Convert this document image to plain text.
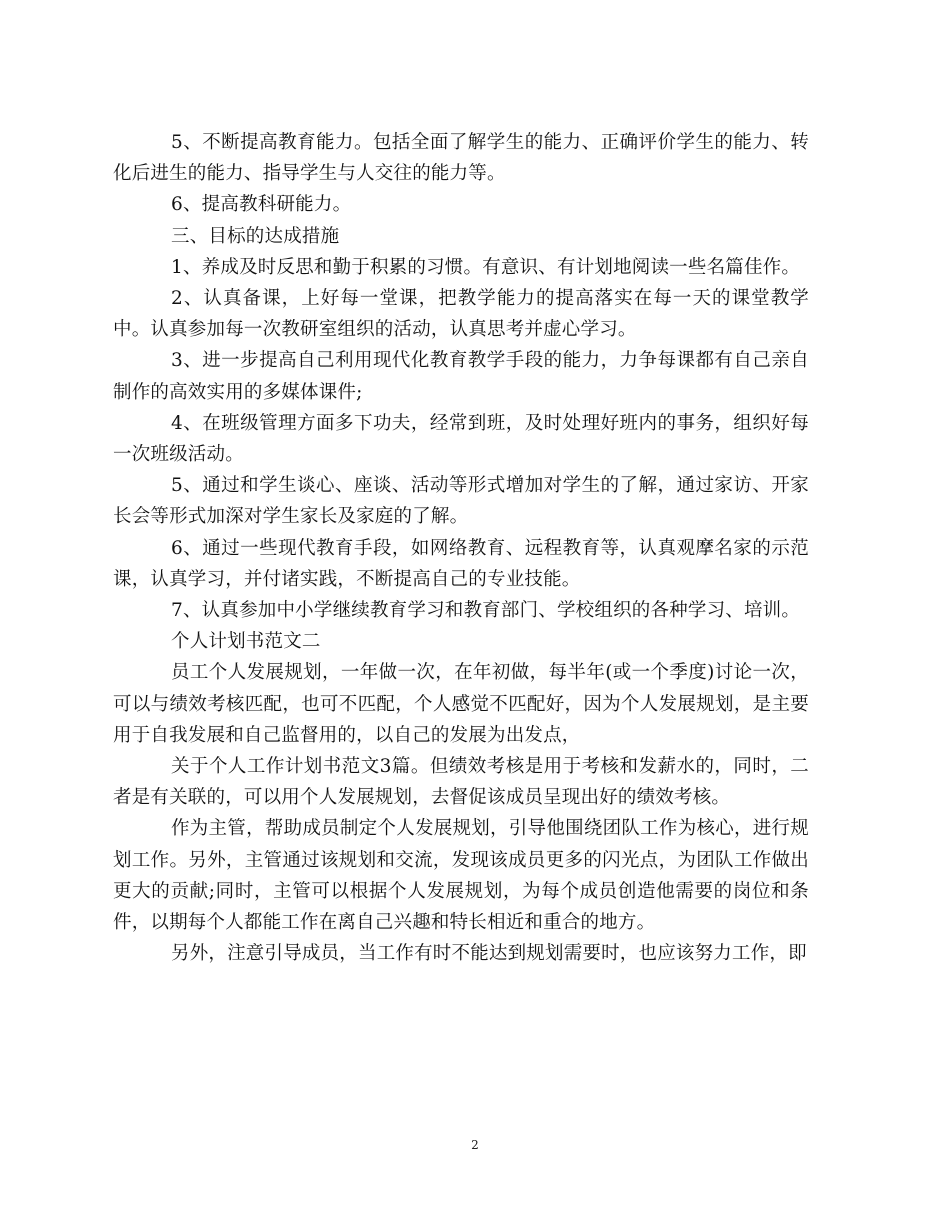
5、不断提高教育能力。包括全面了解学生的能力、正确评价学生的能力、转化后进生的能力、指导学生与人交往的能力等。

6、提高教科研能力。

三、目标的达成措施

1、养成及时反思和勤于积累的习惯。有意识、有计划地阅读一些名篇佳作。

2、认真备课，上好每一堂课，把教学能力的提高落实在每一天的课堂教学中。认真参加每一次教研室组织的活动，认真思考并虚心学习。

3、进一步提高自己利用现代化教育教学手段的能力，力争每课都有自己亲自制作的高效实用的多媒体课件;

4、在班级管理方面多下功夫，经常到班，及时处理好班内的事务，组织好每一次班级活动。

5、通过和学生谈心、座谈、活动等形式增加对学生的了解，通过家访、开家长会等形式加深对学生家长及家庭的了解。

6、通过一些现代教育手段，如网络教育、远程教育等，认真观摩名家的示范课，认真学习，并付诸实践，不断提高自己的专业技能。

7、认真参加中小学继续教育学习和教育部门、学校组织的各种学习、培训。

个人计划书范文二

员工个人发展规划，一年做一次，在年初做，每半年(或一个季度)讨论一次，可以与绩效考核匹配，也可不匹配，个人感觉不匹配好，因为个人发展规划，是主要用于自我发展和自己监督用的，以自己的发展为出发点，

关于个人工作计划书范文3篇。但绩效考核是用于考核和发薪水的，同时，二者是有关联的，可以用个人发展规划，去督促该成员呈现出好的绩效考核。

作为主管，帮助成员制定个人发展规划，引导他围绕团队工作为核心，进行规划工作。另外，主管通过该规划和交流，发现该成员更多的闪光点，为团队工作做出更大的贡献;同时，主管可以根据个人发展规划，为每个成员创造他需要的岗位和条件，以期每个人都能工作在离自己兴趣和特长相近和重合的地方。

另外，注意引导成员，当工作有时不能达到规划需要时，也应该努力工作，即

2
